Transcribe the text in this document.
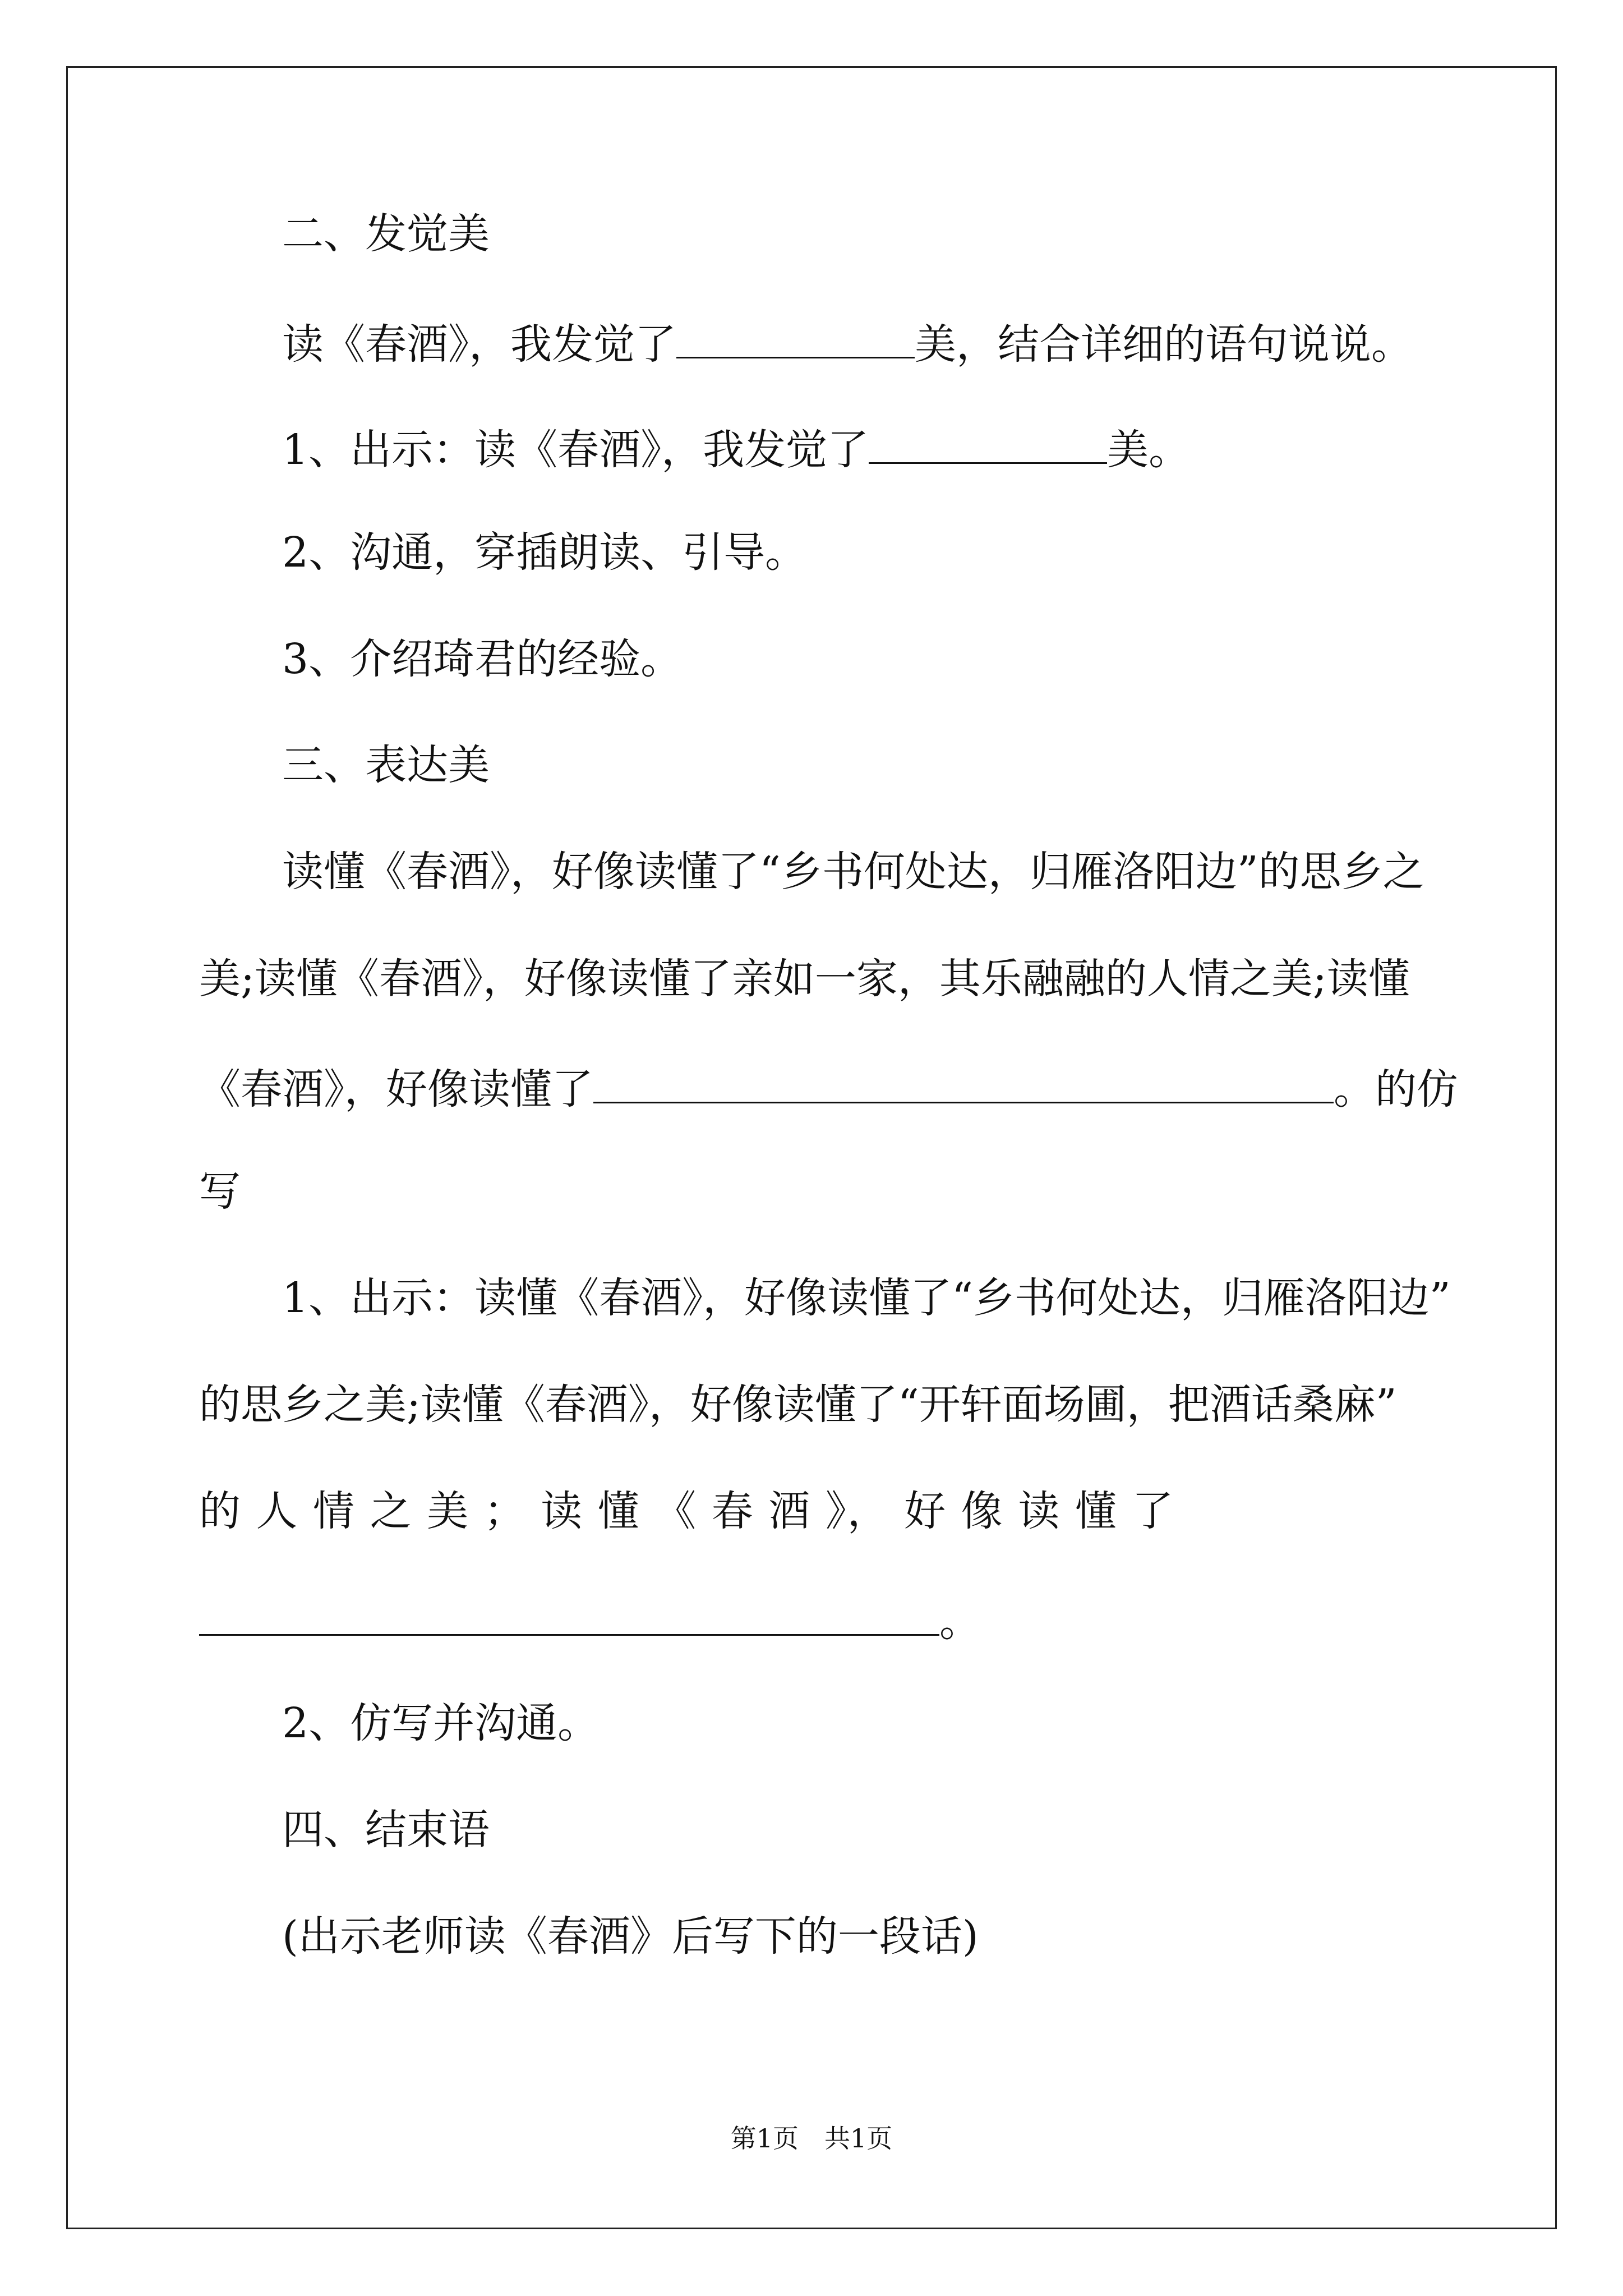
二、发觉美

读《春酒》，我发觉了	美，结合详细的语句说说。

1、出示：读《春酒》，我发觉了	美。

2、沟通，穿插朗读、引导。

3、介绍琦君的经验。

三、表达美

读懂《春酒》，好像读懂了“乡书何处达，归雁洛阳边”的思乡之

美;读懂《春酒》，好像读懂了亲如一家，其乐融融的人情之美;读懂

《春酒》，好像读懂了	。的仿

写

1、出示：读懂《春酒》，好像读懂了“乡书何处达，归雁洛阳边”

的思乡之美;读懂《春酒》，好像读懂了“开轩面场圃，把酒话桑麻”

的 人 情 之 美 ； 读 懂 《 春 酒 》， 好 像 读 懂 了

。

2、仿写并沟通。

四、结束语

(出示老师读《春酒》后写下的一段话)

第1页　共1页
